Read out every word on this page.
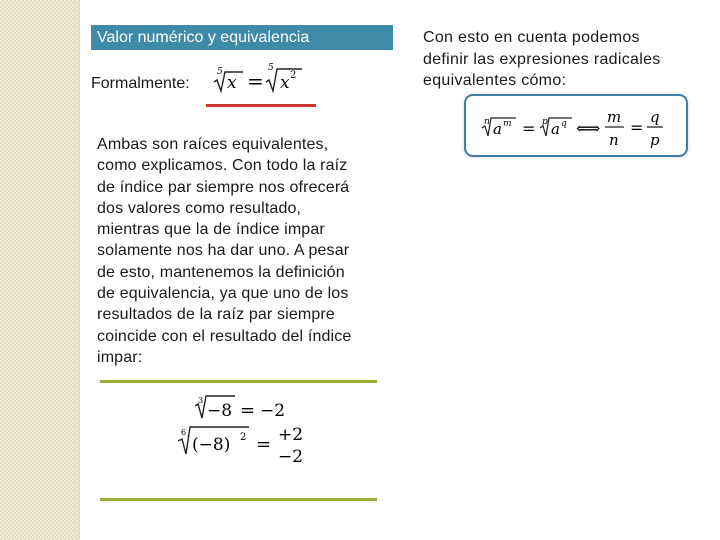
Valor numérico y equivalencia
Formalmente:
5
x =
5
x 2
Ambas son raíces equivalentes,
como explicamos. Con todo la raíz
de índice par siempre nos ofrecerá
dos valores como resultado,
mientras que la de índice impar
solamente nos ha dar uno. A pesar
de esto, mantenemos la definición
de equivalencia, ya que uno de los
resultados de la raíz par siempre
coincide con el resultado del índice
impar:
3
−8 = −2
6
(−8) 2 = +2
−2
Con esto en cuenta podemos
definir las expresiones radicales
equivalentes cómo:
n a m = p a q ⟺
m
n
=
q
p
